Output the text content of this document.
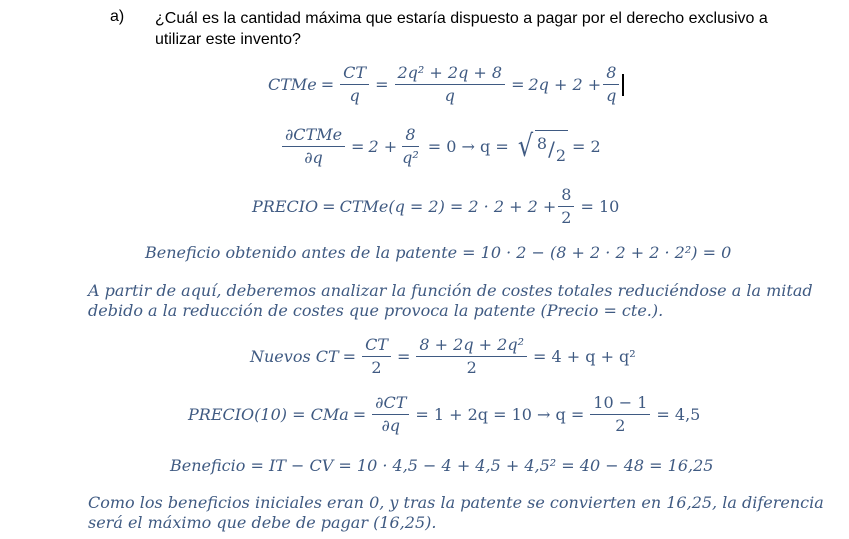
a) ¿Cuál es la cantidad máxima que estaría dispuesto a pagar por el derecho exclusivo a utilizar este invento?
CTMe = $\frac{CT}{q} = \frac{\text{2q² + 2q + 8}}{q} = 2q + 2 + \frac{8}{q}$
$\frac{\text{∂CTMe}}{\partial q} = 2 + \frac{8}{\text{q²}} = 0 \to q$ = √ 8 / 2 = 2
PRECIO = CTMe(q = $2) = 2 \cdot 2 + 2 + \frac{8}{2} = 10$
Beneficio obtenido antes de la patente = 10 · 2 − (8 + 2 · 2 + 2 · 2²) = 0
A partir de aquí, deberemos analizar la función de costes totales reduciéndose a la mitad
debido a la reducción de costes que provoca la patente (Precio = cte.).
Nuevos CT = $\frac{CT}{2} = \frac{\text{8 + 2q + 2q²}}{2} = 4 + q + q^2$
PRECIO(10) = CMa = $\frac{\partial CT}{\partial q} = 1 + 2q = 10 \to q = \frac{10 - 1}{2} = 4,5$
Beneficio = IT − CV = 10 · 4,5 − 4 + 4,5 + 4,5² = 40 − 48 = 16,25
Como los beneficios iniciales eran 0, y tras la patente se convierten en 16,25, la diferencia
será el máximo que debe de pagar (16,25).
